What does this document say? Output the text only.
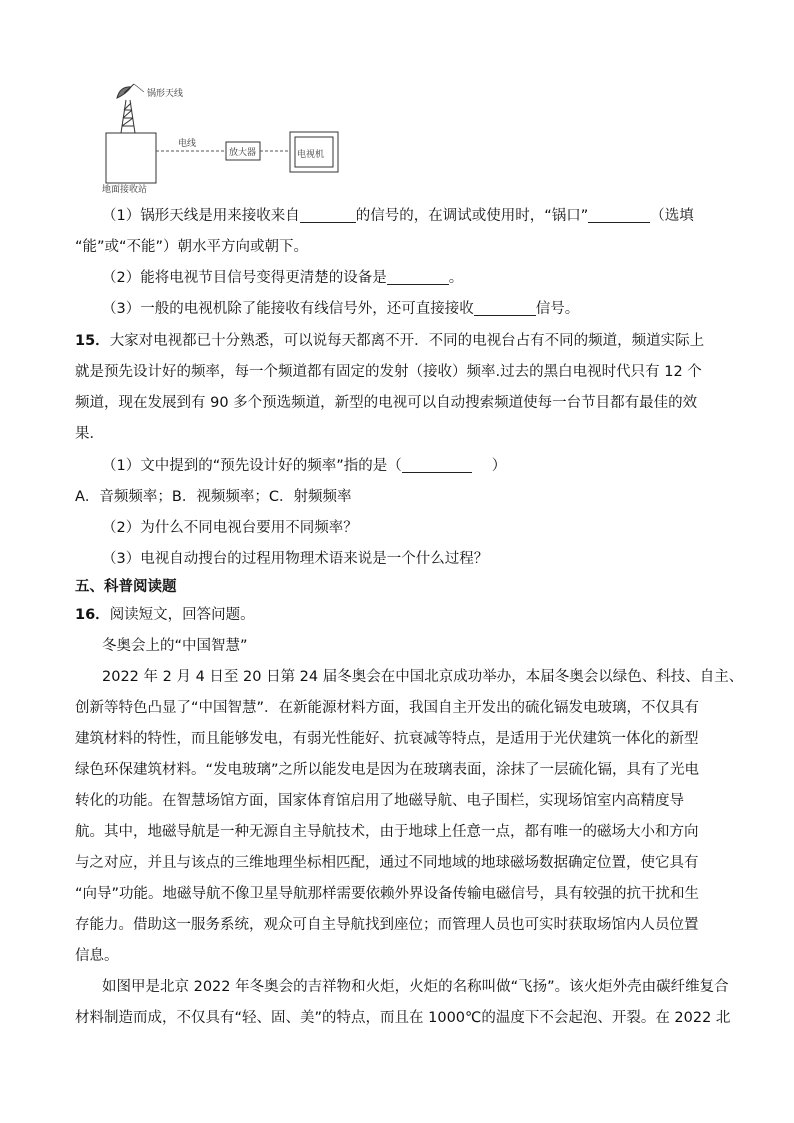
锅形天线
地面接收站
电线
放大器	电视机
（1）锅形天线是用来接收来自	的信号的，在调试或使用时，“锅口”	（选填
“能”或“不能”）朝水平方向或朝下。
（2）能将电视节目信号变得更清楚的设备是	。
（3）一般的电视机除了能接收有线信号外，还可直接接收	信号。
15．大家对电视都已十分熟悉，可以说每天都离不开．不同的电视台占有不同的频道，频道实际上
就是预先设计好的频率，每一个频道都有固定的发射（接收）频率.过去的黑白电视时代只有 12 个
频道，现在发展到有 90 多个预选频道，新型的电视可以自动搜索频道使每一台节目都有最佳的效
果．
（1）文中提到的“预先设计好的频率”指的是（	）
A．音频频率；B．视频频率；C．射频频率
（2）为什么不同电视台要用不同频率？
（3）电视自动搜台的过程用物理术语来说是一个什么过程？
五、科普阅读题
16．阅读短文，回答问题。
冬奥会上的“中国智慧”
2022 年 2 月 4 日至 20 日第 24 届冬奥会在中国北京成功举办，本届冬奥会以绿色、科技、自主、
创新等特色凸显了“中国智慧”．在新能源材料方面，我国自主开发出的硫化镉发电玻璃，不仅具有
建筑材料的特性，而且能够发电，有弱光性能好、抗衰减等特点，是适用于光伏建筑一体化的新型
绿色环保建筑材料。“发电玻璃”之所以能发电是因为在玻璃表面，涂抹了一层硫化镉，具有了光电
转化的功能。在智慧场馆方面，国家体育馆启用了地磁导航、电子围栏，实现场馆室内高精度导
航。其中，地磁导航是一种无源自主导航技术，由于地球上任意一点，都有唯一的磁场大小和方向
与之对应，并且与该点的三维地理坐标相匹配，通过不同地域的地球磁场数据确定位置，使它具有
“向导”功能。地磁导航不像卫星导航那样需要依赖外界设备传输电磁信号，具有较强的抗干扰和生
存能力。借助这一服务系统，观众可自主导航找到座位；而管理人员也可实时获取场馆内人员位置
信息。
如图甲是北京 2022 年冬奥会的吉祥物和火炬，火炬的名称叫做“飞扬”。该火炬外壳由碳纤维复合
材料制造而成，不仅具有“轻、固、美”的特点，而且在 1000℃的温度下不会起泡、开裂。在 2022 北
